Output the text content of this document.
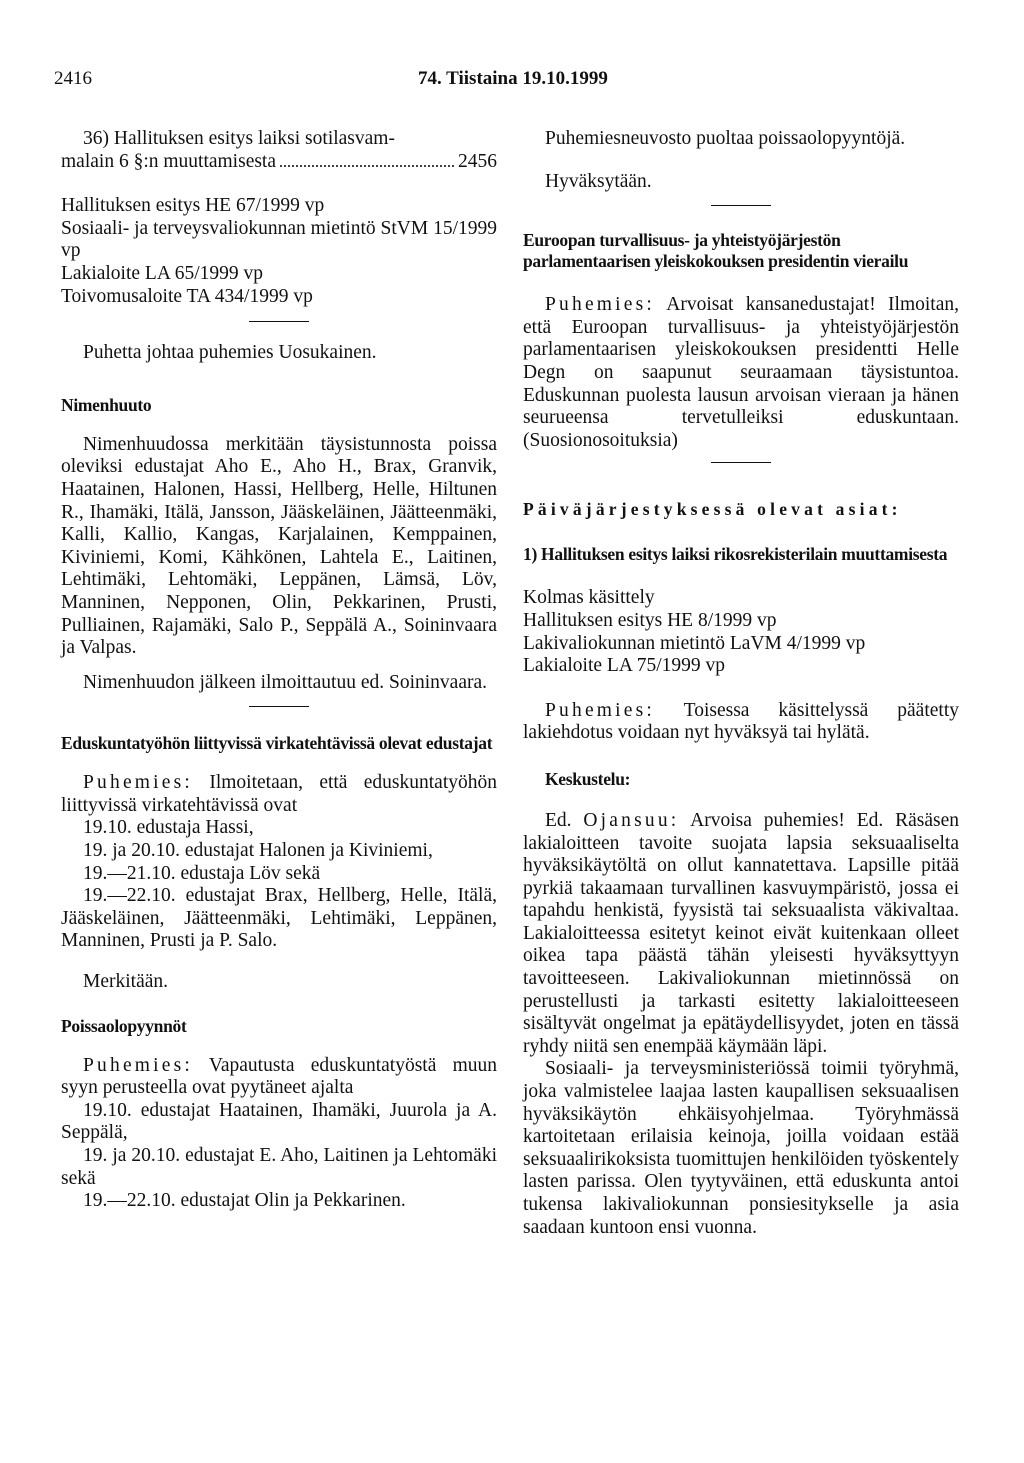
2416	74. Tiistaina 19.10.1999

36) Hallituksen esitys laiksi sotilasvam-

malain 6 §:n muuttamisesta	2456

Hallituksen esitys HE 67/1999 vp

Sosiaali- ja terveysvaliokunnan mietintö StVM 15/1999 vp

Lakialoite LA 65/1999 vp

Toivomusaloite TA 434/1999 vp

Puhetta johtaa puhemies Uosukainen.

Nimenhuuto

Nimenhuudossa merkitään täysistunnosta poissa oleviksi edustajat Aho E., Aho H., Brax, Granvik, Haatainen, Halonen, Hassi, Hellberg, Helle, Hiltunen R., Ihamäki, Itälä, Jansson, Jääskeläinen, Jäätteenmäki, Kalli, Kallio, Kangas, Karjalainen, Kemppainen, Kiviniemi, Komi, Kähkönen, Lahtela E., Laitinen, Lehtimäki, Lehtomäki, Leppänen, Lämsä, Löv, Manninen, Nepponen, Olin, Pekkarinen, Prusti, Pulliainen, Rajamäki, Salo P., Seppälä A., Soininvaara ja Valpas.

Nimenhuudon jälkeen ilmoittautuu ed. Soininvaara.

Eduskuntatyöhön liittyvissä virkatehtävissä olevat edustajat

Puhemies: Ilmoitetaan, että eduskuntatyöhön liittyvissä virkatehtävissä ovat

19.10. edustaja Hassi,

19. ja 20.10. edustajat Halonen ja Kiviniemi,

19.—21.10. edustaja Löv sekä

19.—22.10. edustajat Brax, Hellberg, Helle, Itälä, Jääskeläinen, Jäätteenmäki, Lehtimäki, Leppänen, Manninen, Prusti ja P. Salo.

Merkitään.

Poissaolopyynnöt

Puhemies: Vapautusta eduskuntatyöstä muun syyn perusteella ovat pyytäneet ajalta

19.10. edustajat Haatainen, Ihamäki, Juurola ja A. Seppälä,

19. ja 20.10. edustajat E. Aho, Laitinen ja Lehtomäki sekä

19.—22.10. edustajat Olin ja Pekkarinen.

Puhemiesneuvosto puoltaa poissaolopyyntöjä.

Hyväksytään.

Euroopan turvallisuus- ja yhteistyöjärjestön parlamentaarisen yleiskokouksen presidentin vierailu

Puhemies: Arvoisat kansanedustajat! Ilmoitan, että Euroopan turvallisuus- ja yhteistyöjärjestön parlamentaarisen yleiskokouksen presidentti Helle Degn on saapunut seuraamaan täysistuntoa. Eduskunnan puolesta lausun arvoisan vieraan ja hänen seurueensa tervetulleiksi eduskuntaan. (Suosionosoituksia)

Päiväjärjestyksessä olevat asiat:

1) Hallituksen esitys laiksi rikosrekisterilain muuttamisesta

Kolmas käsittely

Hallituksen esitys HE 8/1999 vp

Lakivaliokunnan mietintö LaVM 4/1999 vp

Lakialoite LA 75/1999 vp

Puhemies: Toisessa käsittelyssä päätetty lakiehdotus voidaan nyt hyväksyä tai hylätä.

Keskustelu:

Ed. Ojansuu: Arvoisa puhemies! Ed. Räsäsen lakialoitteen tavoite suojata lapsia seksuaaliselta hyväksikäytöltä on ollut kannatettava. Lapsille pitää pyrkiä takaamaan turvallinen kasvuympäristö, jossa ei tapahdu henkistä, fyysistä tai seksuaalista väkivaltaa. Lakialoitteessa esitetyt keinot eivät kuitenkaan olleet oikea tapa päästä tähän yleisesti hyväksyttyyn tavoitteeseen. Lakivaliokunnan mietinnössä on perustellusti ja tarkasti esitetty lakialoitteeseen sisältyvät ongelmat ja epätäydellisyydet, joten en tässä ryhdy niitä sen enempää käymään läpi.

Sosiaali- ja terveysministeriössä toimii työryhmä, joka valmistelee laajaa lasten kaupallisen seksuaalisen hyväksikäytön ehkäisyohjelmaa. Työryhmässä kartoitetaan erilaisia keinoja, joilla voidaan estää seksuaalirikoksista tuomittujen henkilöiden työskentely lasten parissa. Olen tyytyväinen, että eduskunta antoi tukensa lakivaliokunnan ponsiesitykselle ja asia saadaan kuntoon ensi vuonna.
